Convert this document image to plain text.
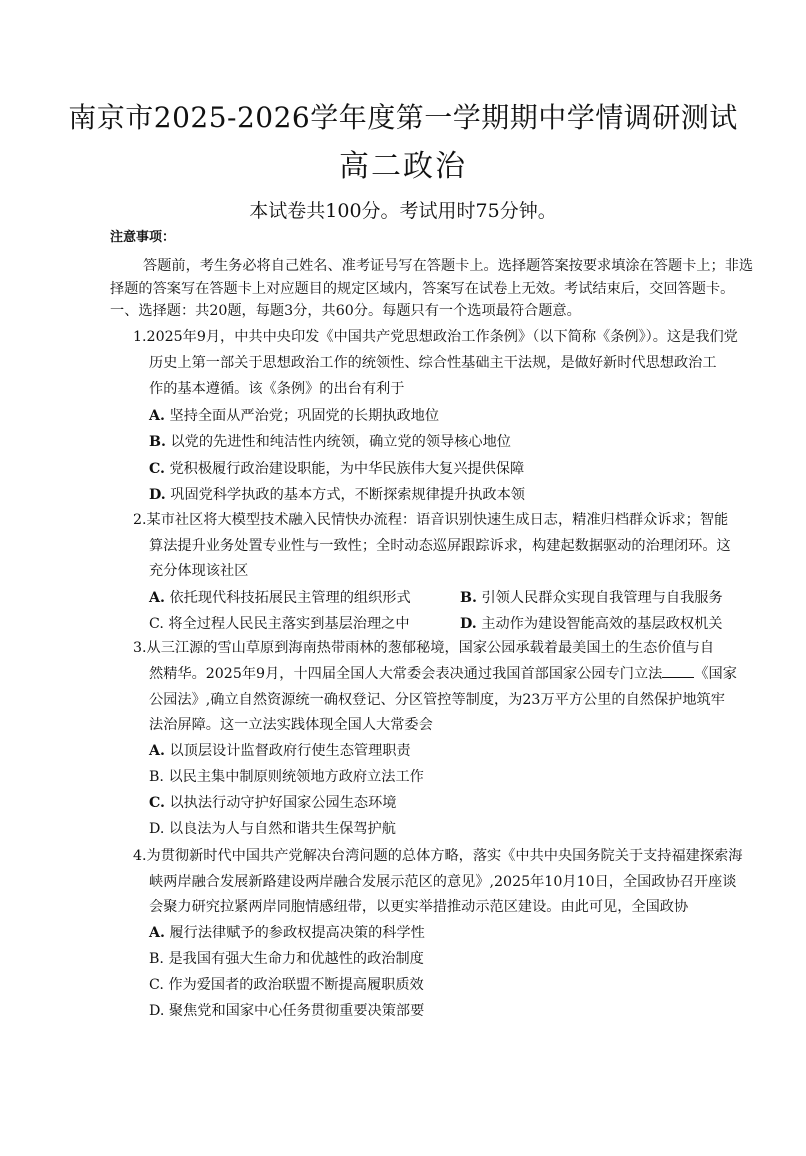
南京市2025-2026学年度第一学期期中学情调研测试
高二政治
本试卷共100分。考试用时75分钟。
注意事项：
答题前，考生务必将自己姓名、准考证号写在答题卡上。选择题答案按要求填涂在答题卡上；非选
择题的答案写在答题卡上对应题目的规定区域内，答案写在试卷上无效。考试结束后，交回答题卡。
一、选择题：共20题，每题3分，共60分。每题只有一个选项最符合题意。
1.2025年9月，中共中央印发《中国共产党思想政治工作条例》（以下简称《条例》）。这是我们党
历史上第一部关于思想政治工作的统领性、综合性基础主干法规，是做好新时代思想政治工
作的基本遵循。该《条例》的出台有利于
A. 坚持全面从严治党；巩固党的长期执政地位
B. 以党的先进性和纯洁性内统领，确立党的领导核心地位
C. 党积极履行政治建设职能，为中华民族伟大复兴提供保障
D. 巩固党科学执政的基本方式，不断探索规律提升执政本领
2.某市社区将大模型技术融入民情快办流程：语音识别快速生成日志，精准归档群众诉求；智能
算法提升业务处置专业性与一致性；全时动态巡屏跟踪诉求，构建起数据驱动的治理闭环。这
充分体现该社区
A. 依托现代科技拓展民主管理的组织形式	B. 引领人民群众实现自我管理与自我服务
C. 将全过程人民民主落实到基层治理之中	D. 主动作为建设智能高效的基层政权机关
3.从三江源的雪山草原到海南热带雨林的葱郁秘境，国家公园承载着最美国土的生态价值与自
然精华。2025年9月，十四届全国人大常委会表决通过我国首部国家公园专门立法 《国家
公园法》,确立自然资源统一确权登记、分区管控等制度，为23万平方公里的自然保护地筑牢
法治屏障。这一立法实践体现全国人大常委会
A. 以顶层设计监督政府行使生态管理职责
B. 以民主集中制原则统领地方政府立法工作
C. 以执法行动守护好国家公园生态环境
D. 以良法为人与自然和谐共生保驾护航
4.为贯彻新时代中国共产党解决台湾问题的总体方略，落实《中共中央国务院关于支持福建探索海
峡两岸融合发展新路建设两岸融合发展示范区的意见》,2025年10月10日，全国政协召开座谈
会聚力研究拉紧两岸同胞情感纽带，以更实举措推动示范区建设。由此可见，全国政协
A. 履行法律赋予的参政权提高决策的科学性
B. 是我国有强大生命力和优越性的政治制度
C. 作为爱国者的政治联盟不断提高履职质效
D. 聚焦党和国家中心任务贯彻重要决策部要
